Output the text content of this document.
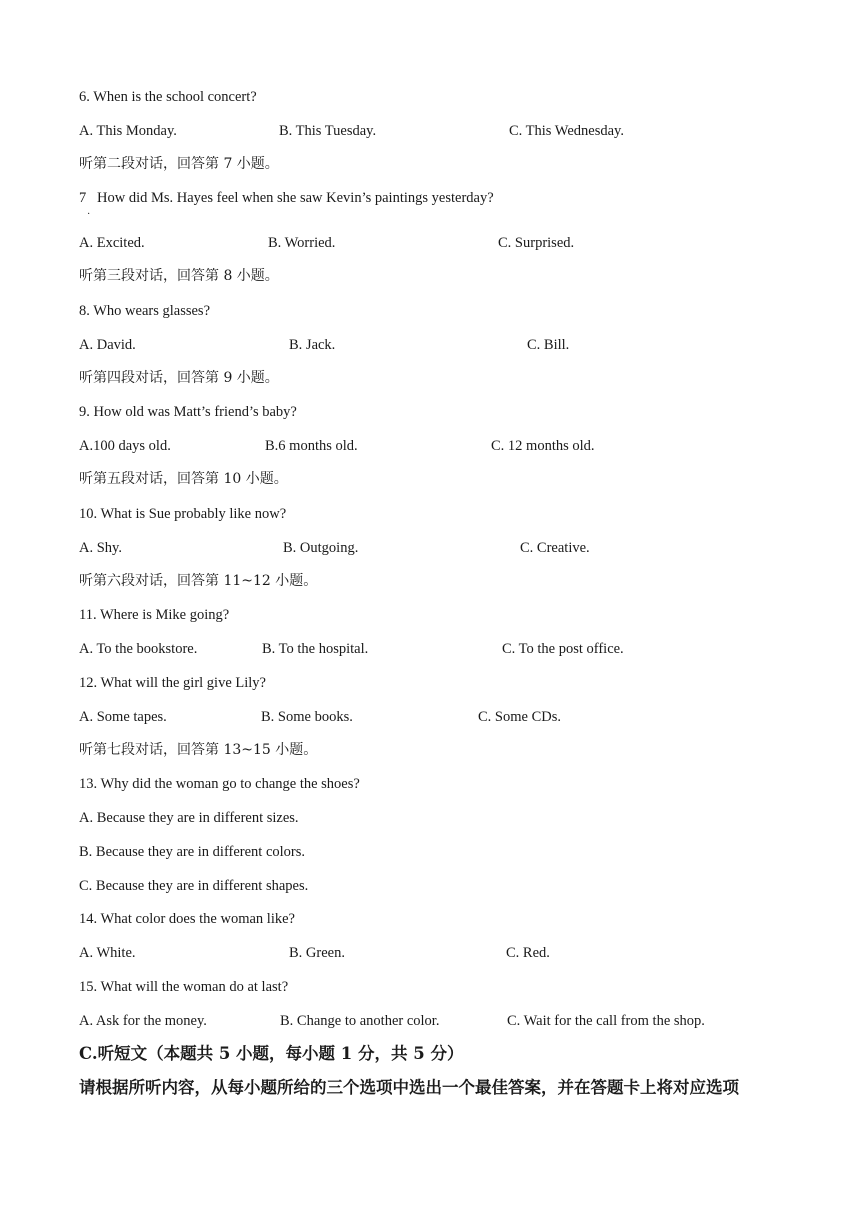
6. When is the school concert?
A. This Monday.	B. This Tuesday.	C. This Wednesday.
听第二段对话，回答第 7 小题。
7
·
How did Ms. Hayes feel when she saw Kevin’s paintings yesterday?
A. Excited.	B. Worried.	C. Surprised.
听第三段对话，回答第 8 小题。
8. Who wears glasses?
A. David.	B. Jack.	C. Bill.
听第四段对话，回答第 9 小题。
9. How old was Matt’s friend’s baby?
A.100 days old.	B.6 months old.	C. 12 months old.
听第五段对话，回答第 10 小题。
10. What is Sue probably like now?
A. Shy.	B. Outgoing.	C. Creative.
听第六段对话，回答第 11~12 小题。
11. Where is Mike going?
A. To the bookstore.	B. To the hospital.	C. To the post office.
12. What will the girl give Lily?
A. Some tapes.	B. Some books.	C. Some CDs.
听第七段对话，回答第 13~15 小题。
13. Why did the woman go to change the shoes?
A. Because they are in different sizes.
B. Because they are in different colors.
C. Because they are in different shapes.
14. What color does the woman like?
A. White.	B. Green.	C. Red.
15. What will the woman do at last?
A. Ask for the money.	B. Change to another color.	C. Wait for the call from the shop.
C.听短文（本题共 5 小题，每小题 1 分，共 5 分）
请根据所听内容，从每小题所给的三个选项中选出一个最佳答案，并在答题卡上将对应选项
